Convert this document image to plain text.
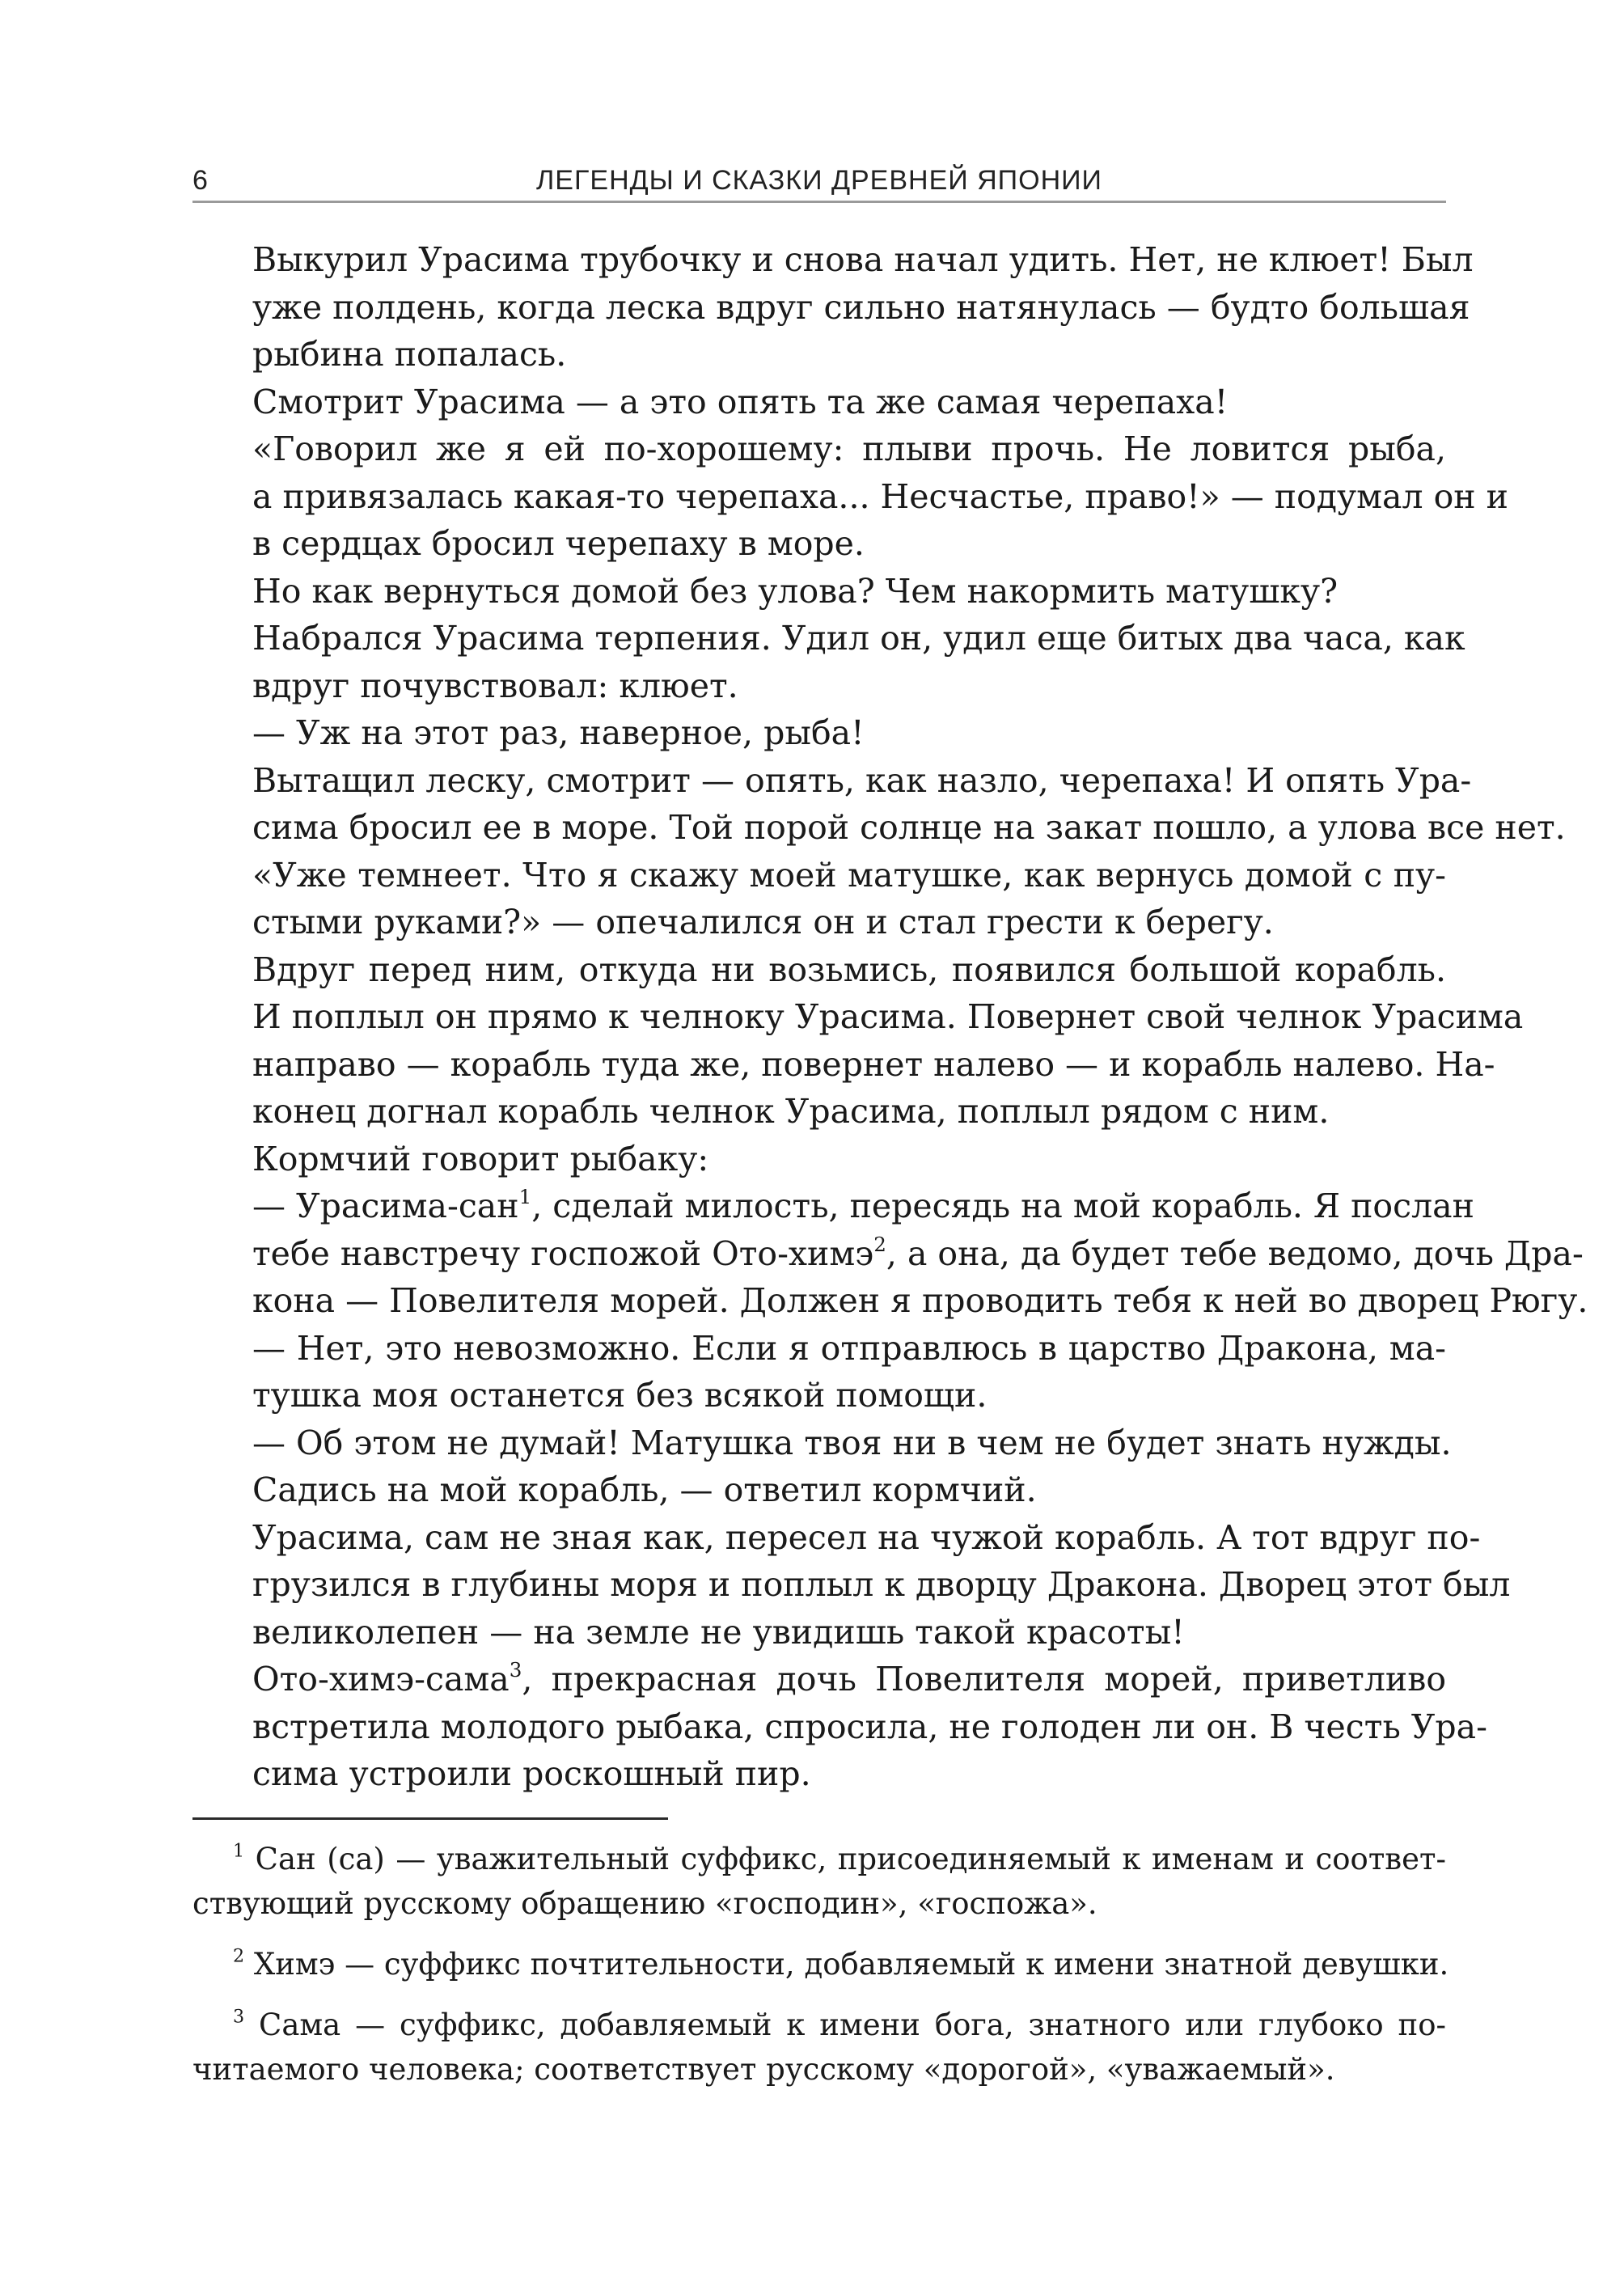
6	ЛЕГЕНДЫ И СКАЗКИ ДРЕВНЕЙ ЯПОНИИ

Выкурил Урасима трубочку и снова начал удить. Нет, не клюет! Был
уже полдень, когда леска вдруг сильно натянулась — будто большая
рыбина попалась.

Смотрит Урасима — а это опять та же самая черепаха!

«Говорил же я ей по-хорошему: плыви прочь. Не ловится рыба,
а привязалась какая-то черепаха... Несчастье, право!» — подумал он и
в сердцах бросил черепаху в море.

Но как вернуться домой без улова? Чем накормить матушку?

Набрался Урасима терпения. Удил он, удил еще битых два часа, как
вдруг почувствовал: клюет.

— Уж на этот раз, наверное, рыба!

Вытащил леску, смотрит — опять, как назло, черепаха! И опять Ура-
сима бросил ее в море. Той порой солнце на закат пошло, а улова все нет.

«Уже темнеет. Что я скажу моей матушке, как вернусь домой с пу-
стыми руками?» — опечалился он и стал грести к берегу.

Вдруг перед ним, откуда ни возьмись, появился большой корабль.
И поплыл он прямо к челноку Урасима. Повернет свой челнок Урасима
направо — корабль туда же, повернет налево — и корабль налево. На-
конец догнал корабль челнок Урасима, поплыл рядом с ним.

Кормчий говорит рыбаку:

— Урасима-сан$^1$, сделай милость, пересядь на мой корабль. Я послан
тебе навстречу госпожой Ото-химэ$^2$, а она, да будет тебе ведомо, дочь Дра-
кона — Повелителя морей. Должен я проводить тебя к ней во дворец Рюгу.

— Нет, это невозможно. Если я отправлюсь в царство Дракона, ма-
тушка моя останется без всякой помощи.

— Об этом не думай! Матушка твоя ни в чем не будет знать нужды.
Садись на мой корабль, — ответил кормчий.

Урасима, сам не зная как, пересел на чужой корабль. А тот вдруг по-
грузился в глубины моря и поплыл к дворцу Дракона. Дворец этот был
великолепен — на земле не увидишь такой красоты!

Ото-химэ-сама$^3$, прекрасная дочь Повелителя морей, приветливо
встретила молодого рыбака, спросила, не голоден ли он. В честь Ура-
сима устроили роскошный пир.

$^1$ Сан (са) — уважительный суффикс, присоединяемый к именам и соответ-
ствующий русскому обращению «господин», «госпожа».
$^2$ Химэ — суффикс почтительности, добавляемый к имени знатной девушки.
$^3$ Сама — суффикс, добавляемый к имени бога, знатного или глубоко по-
читаемого человека; соответствует русскому «дорогой», «уважаемый».
